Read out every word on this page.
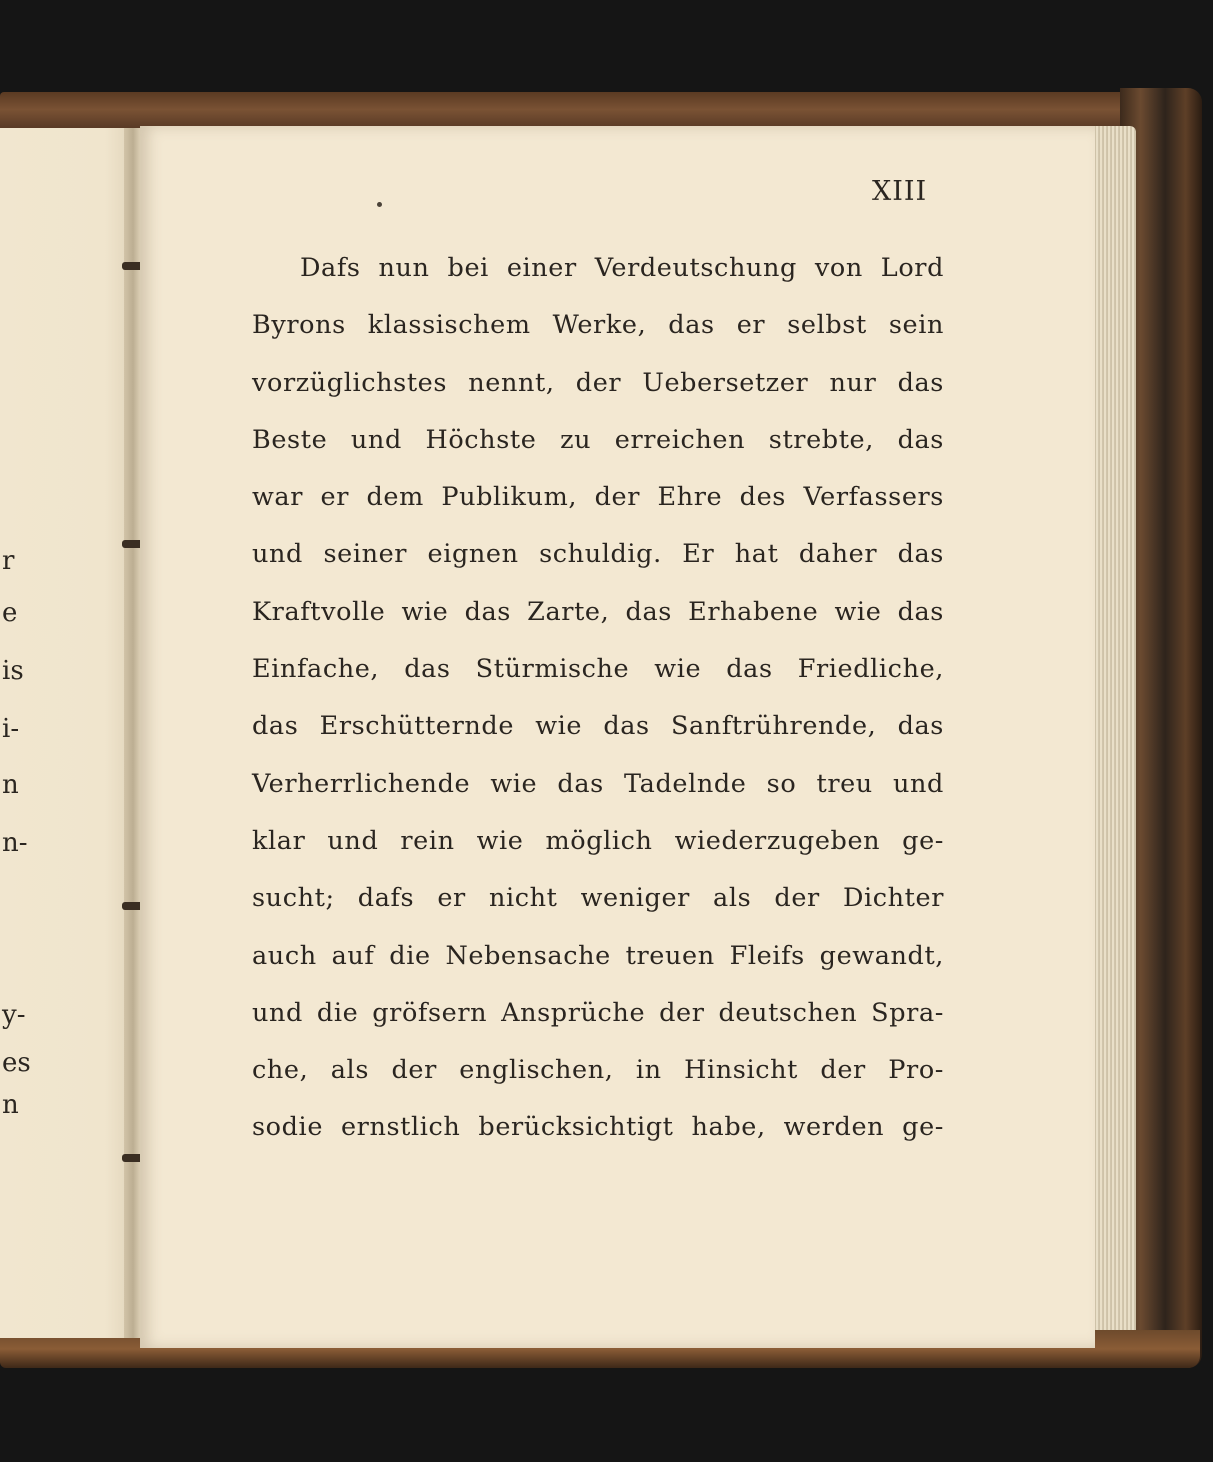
r
e
is
i-
n
n-
y-
es
n
XIII
Dafs nun bei einer Verdeutschung von Lord
Byrons klassischem Werke, das er selbst sein
vorzüglichstes nennt, der Uebersetzer nur das
Beste und Höchste zu erreichen strebte, das
war er dem Publikum, der Ehre des Verfassers
und seiner eignen schuldig. Er hat daher das
Kraftvolle wie das Zarte, das Erhabene wie das
Einfache, das Stürmische wie das Friedliche,
das Erschütternde wie das Sanftrührende, das
Verherrlichende wie das Tadelnde so treu und
klar und rein wie möglich wiederzugeben ge-
sucht; dafs er nicht weniger als der Dichter
auch auf die Nebensache treuen Fleifs gewandt,
und die gröfsern Ansprüche der deutschen Spra-
che, als der englischen, in Hinsicht der Pro-
sodie ernstlich berücksichtigt habe, werden ge-
